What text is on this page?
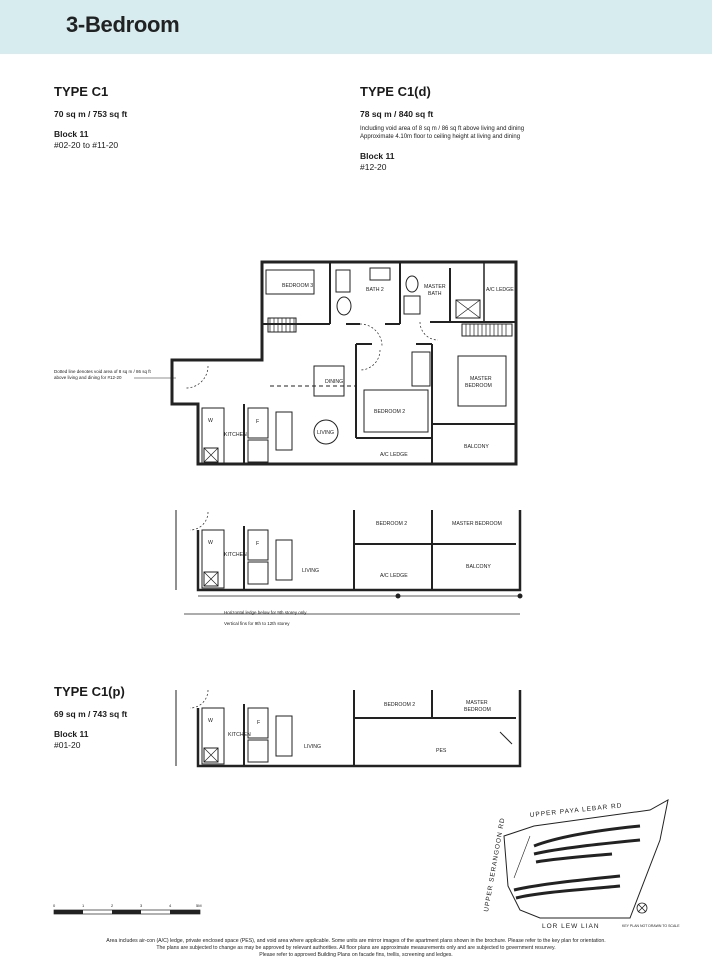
3-Bedroom
TYPE C1
70 sq m / 753 sq ft
Block 11
#02-20 to #11-20
TYPE C1(d)
78 sq m / 840 sq ft
Including void area of 8 sq m / 86 sq ft above living and dining
Approximate 4.10m floor to ceiling height at living and dining
Block 11
#12-20
TYPE C1(p)
69 sq m / 743 sq ft
Block 11
#01-20
BEDROOM 3
BATH 2	MASTER
BATH
A/C LEDGE
DINING	MASTER
BEDROOM
BEDROOM 2
LIVING
KITCHEN
A/C LEDGE
BALCONY
F
W
Dotted line denotes void area of 8 sq m / 86 sq ft
above living and dining for #12-20
BEDROOM 2	MASTER BEDROOM
KITCHEN
LIVING
A/C LEDGE
BALCONY
F
W
Horizontal ledge below for 9th storey only
Vertical fins for 9th to 12th storey
BEDROOM 2	MASTER
BEDROOM
KITCHEN
LIVING
PES
F
W
UPPER PAYA LEBAR RD
UPPER SERANGOON RD
LOR LEW LIAN	KEY PLAN NOT DRAWN TO SCALE
0	1	2	3	4	5M
Area includes air-con (A/C) ledge, private enclosed space (PES), and void area where applicable. Some units are mirror images of the apartment plans shown in the brochure. Please refer to the key plan for orientation.
The plans are subjected to change as may be approved by relevant authorities. All floor plans are approximate measurements only and are subjected to government resurvey.
Please refer to approved Building Plans on facade fins, trellis, screening and ledges.
